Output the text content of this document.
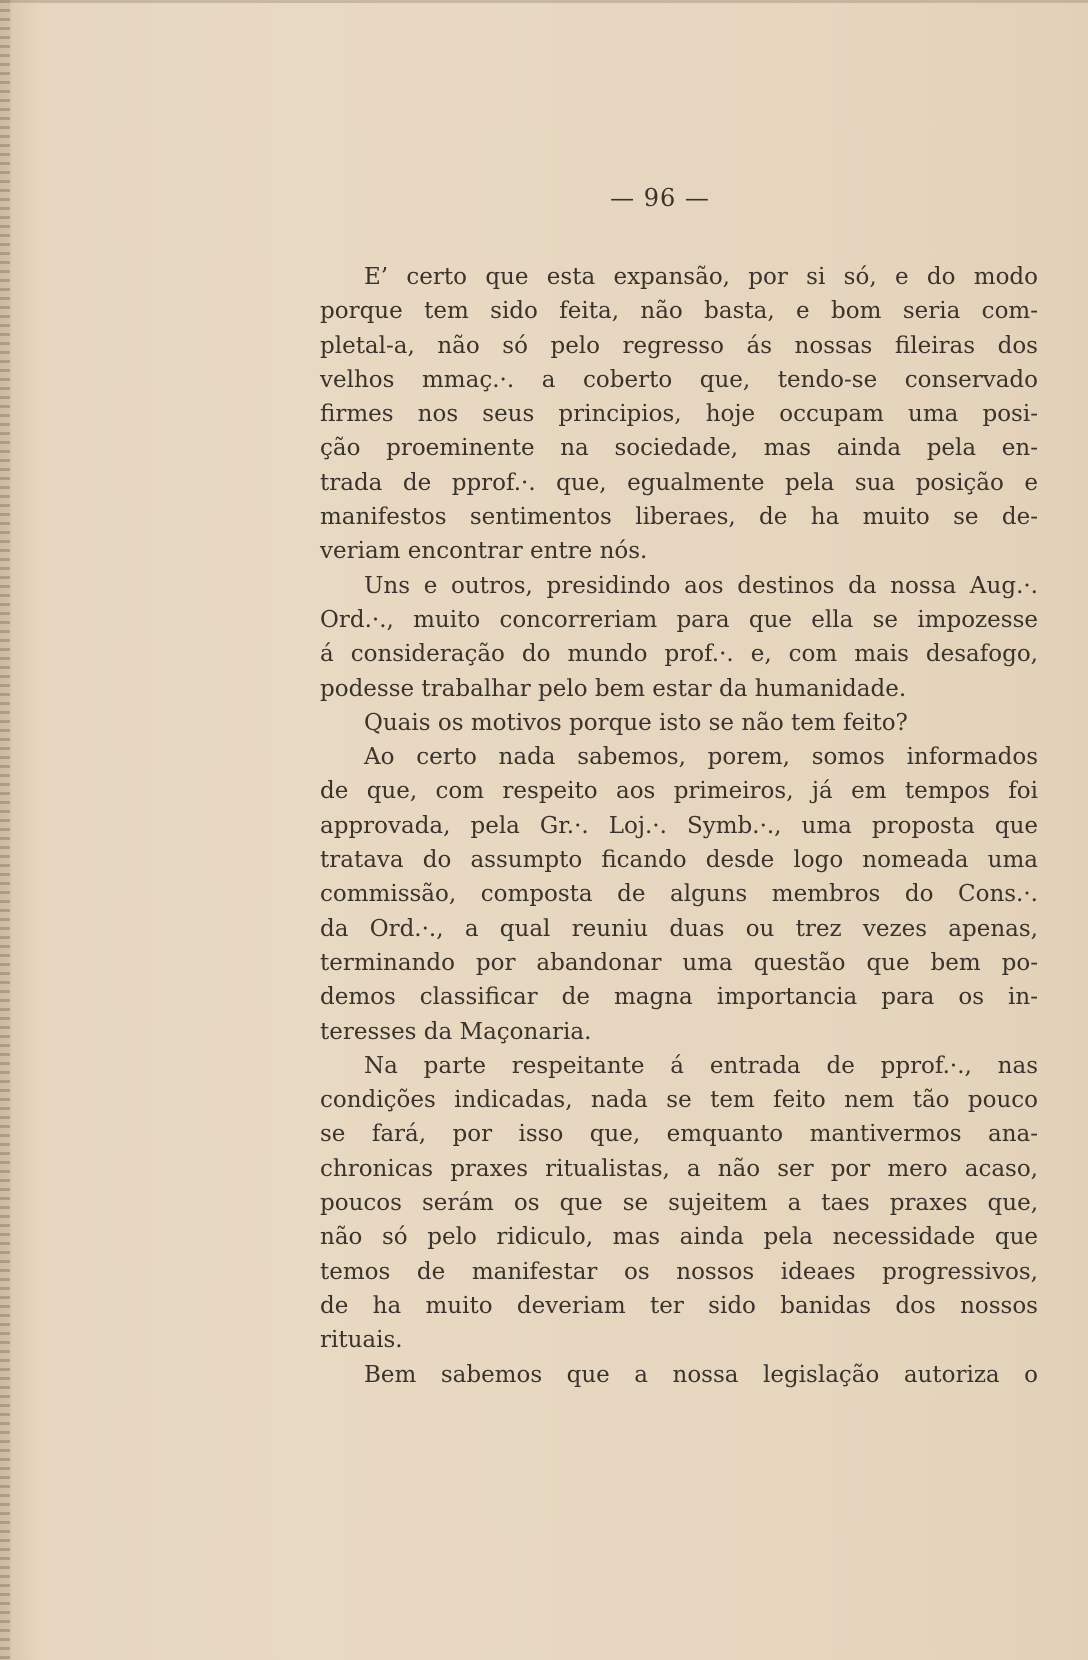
— 96 —
E’ certo que esta expansão, por si só, e do modo
porque tem sido feita, não basta, e bom seria com-
pletal-a, não só pelo regresso ás nossas fileiras dos
velhos mmaç.·. a coberto que, tendo-se conservado
firmes nos seus principios, hoje occupam uma posi-
ção proeminente na sociedade, mas ainda pela en-
trada de pprof.·. que, egualmente pela sua posição e
manifestos sentimentos liberaes, de ha muito se de-
veriam encontrar entre nós.
Uns e outros, presidindo aos destinos da nossa Aug.·.
Ord.·., muito concorreriam para que ella se impozesse
á consideração do mundo prof.·. e, com mais desafogo,
podesse trabalhar pelo bem estar da humanidade.
Quais os motivos porque isto se não tem feito?
Ao certo nada sabemos, porem, somos informados
de que, com respeito aos primeiros, já em tempos foi
approvada, pela Gr.·. Loj.·. Symb.·., uma proposta que
tratava do assumpto ficando desde logo nomeada uma
commissão, composta de alguns membros do Cons.·.
da Ord.·., a qual reuniu duas ou trez vezes apenas,
terminando por abandonar uma questão que bem po-
demos classificar de magna importancia para os in-
teresses da Maçonaria.
Na parte respeitante á entrada de pprof.·., nas
condições indicadas, nada se tem feito nem tão pouco
se fará, por isso que, emquanto mantivermos ana-
chronicas praxes ritualistas, a não ser por mero acaso,
poucos serám os que se sujeitem a taes praxes que,
não só pelo ridiculo, mas ainda pela necessidade que
temos de manifestar os nossos ideaes progressivos,
de ha muito deveriam ter sido banidas dos nossos
rituais.
Bem sabemos que a nossa legislação autoriza o
